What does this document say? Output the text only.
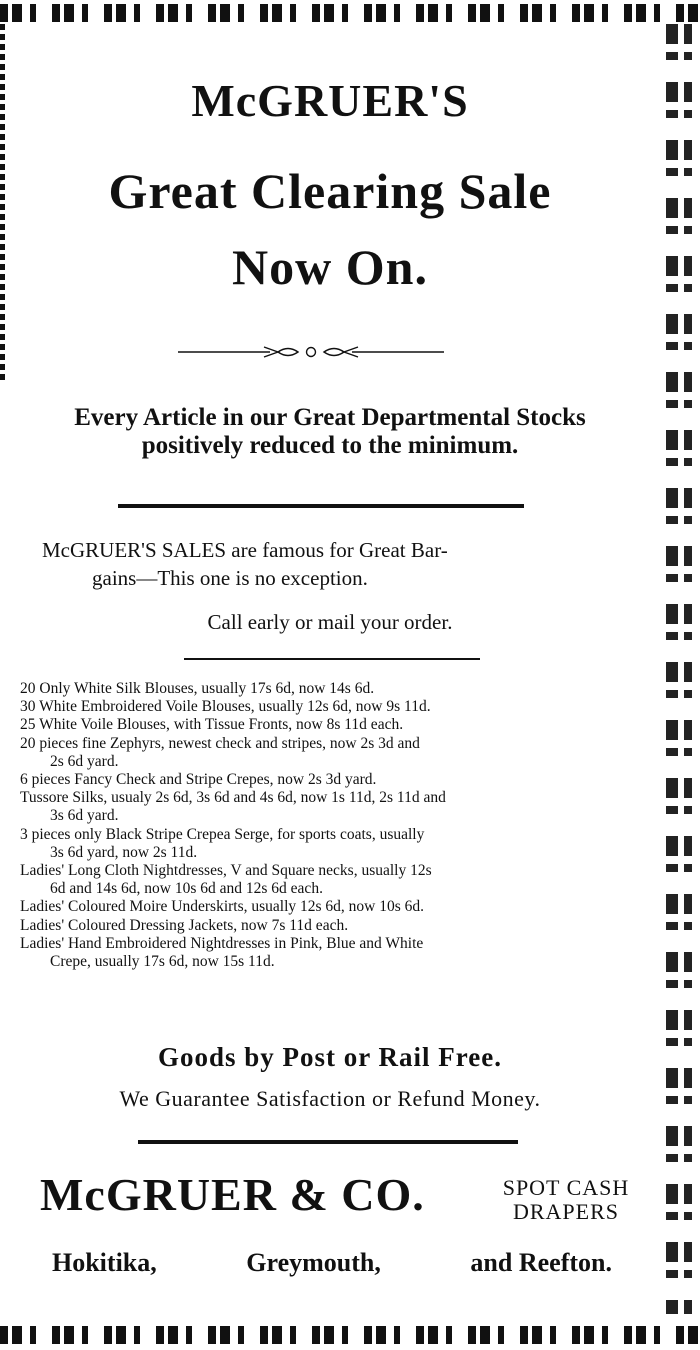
McGRUER'S
Great Clearing Sale
Now On.
Every Article in our Great Departmental Stocks
positively reduced to the minimum.
McGRUER'S SALES are famous for Great Bar-
gains—This one is no exception.
Call early or mail your order.
20 Only White Silk Blouses, usually 17s 6d, now 14s 6d.
30 White Embroidered Voile Blouses, usually 12s 6d, now 9s 11d.
25 White Voile Blouses, with Tissue Fronts, now 8s 11d each.
20 pieces fine Zephyrs, newest check and stripes, now 2s 3d and
2s 6d yard.
6 pieces Fancy Check and Stripe Crepes, now 2s 3d yard.
Tussore Silks, usualy 2s 6d, 3s 6d and 4s 6d, now 1s 11d, 2s 11d and
3s 6d yard.
3 pieces only Black Stripe Crepea Serge, for sports coats, usually
3s 6d yard, now 2s 11d.
Ladies' Long Cloth Nightdresses, V and Square necks, usually 12s
6d and 14s 6d, now 10s 6d and 12s 6d each.
Ladies' Coloured Moire Underskirts, usually 12s 6d, now 10s 6d.
Ladies' Coloured Dressing Jackets, now 7s 11d each.
Ladies' Hand Embroidered Nightdresses in Pink, Blue and White
Crepe, usually 17s 6d, now 15s 11d.
Goods by Post or Rail Free.
We Guarantee Satisfaction or Refund Money.
McGRUER & CO.	SPOT CASH
DRAPERS
Hokitika,	Greymouth,	and Reefton.
